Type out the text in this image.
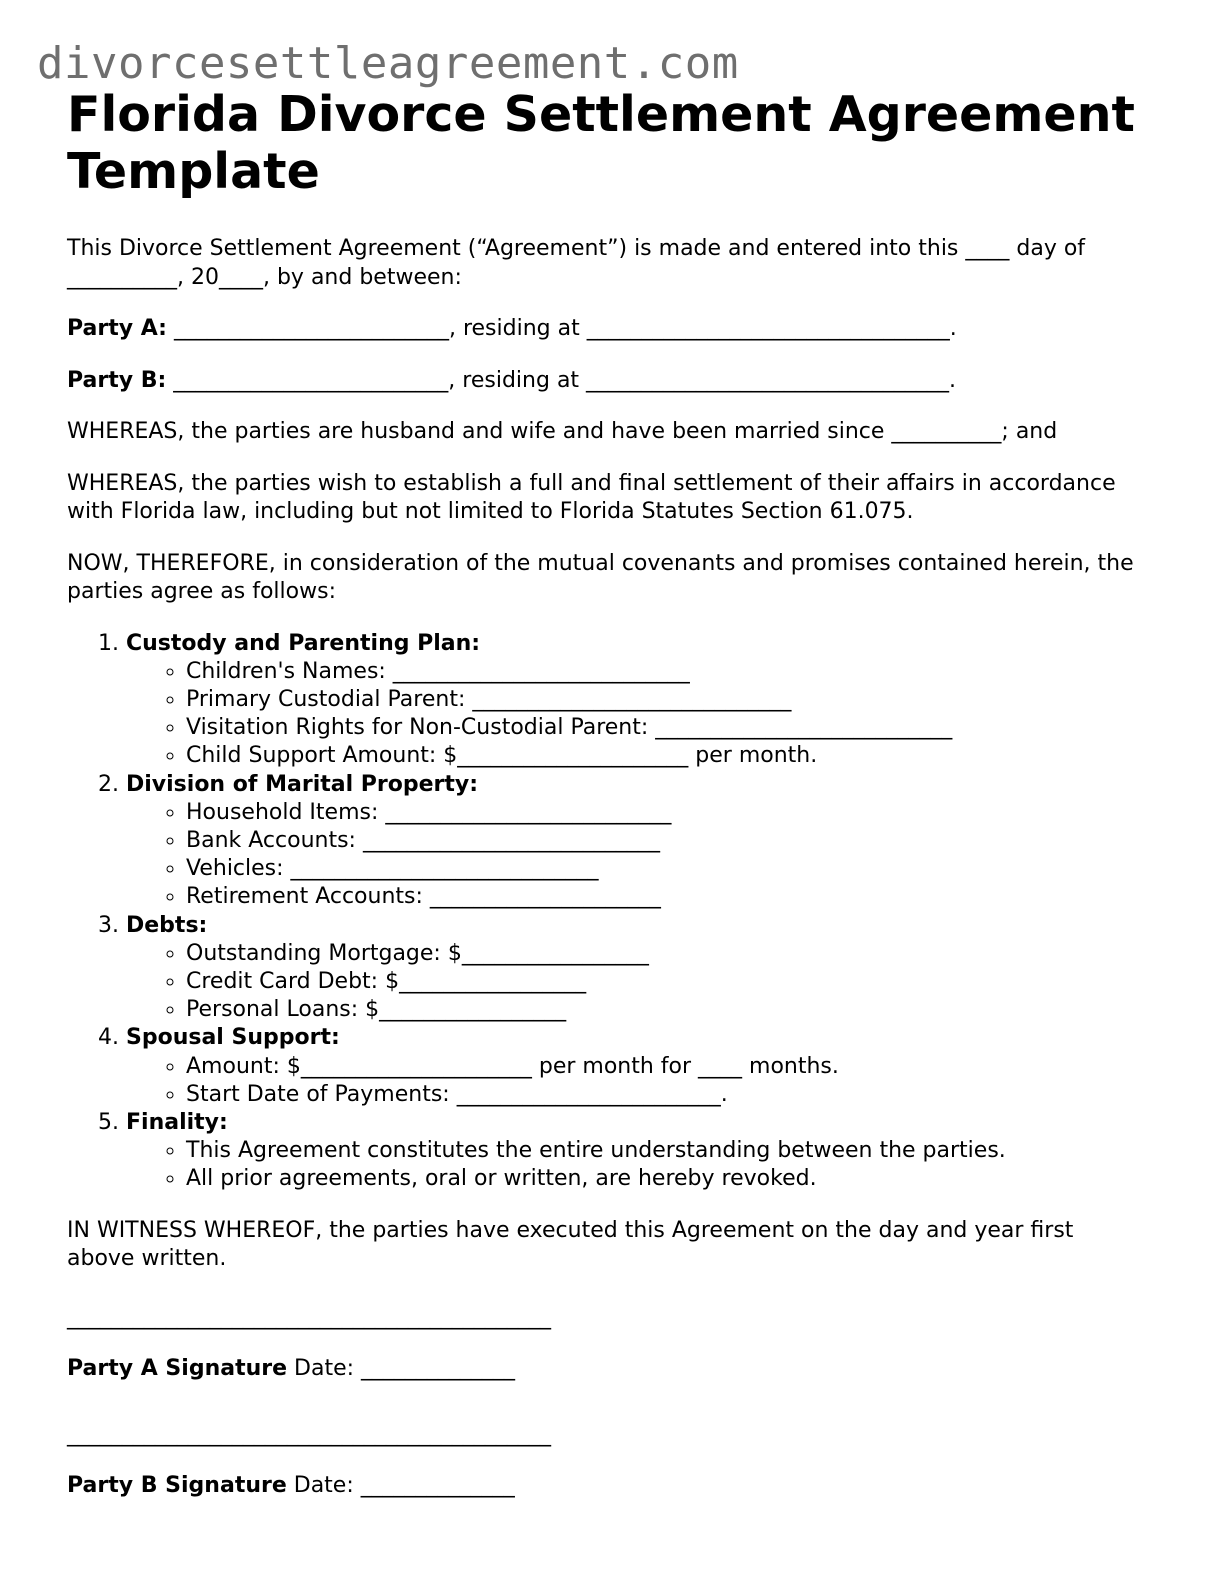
divorcesettleagreement.com
Florida Divorce Settlement Agreement Template

This Divorce Settlement Agreement (“Agreement”) is made and entered into this ____ day of __________, 20____, by and between:

Party A: _________________________, residing at _________________________________.

Party B: _________________________, residing at _________________________________.

WHEREAS, the parties are husband and wife and have been married since __________; and

WHEREAS, the parties wish to establish a full and final settlement of their affairs in accordance with Florida law, including but not limited to Florida Statutes Section 61.075.

NOW, THEREFORE, in consideration of the mutual covenants and promises contained herein, the parties agree as follows:

1. Custody and Parenting Plan:
◦ Children's Names: ___________________________
◦ Primary Custodial Parent: _____________________________
◦ Visitation Rights for Non-Custodial Parent: ___________________________
◦ Child Support Amount: $_____________________ per month.
2. Division of Marital Property:
◦ Household Items: __________________________
◦ Bank Accounts: ___________________________
◦ Vehicles: ____________________________
◦ Retirement Accounts: _____________________
3. Debts:
◦ Outstanding Mortgage: $_________________
◦ Credit Card Debt: $_________________
◦ Personal Loans: $_________________
4. Spousal Support:
◦ Amount: $_____________________ per month for ____ months.
◦ Start Date of Payments: ________________________.
5. Finality:
◦ This Agreement constitutes the entire understanding between the parties.
◦ All prior agreements, oral or written, are hereby revoked.

IN WITNESS WHEREOF, the parties have executed this Agreement on the day and year first above written.

____________________________________________

Party A Signature Date: ______________

____________________________________________

Party B Signature Date: ______________
